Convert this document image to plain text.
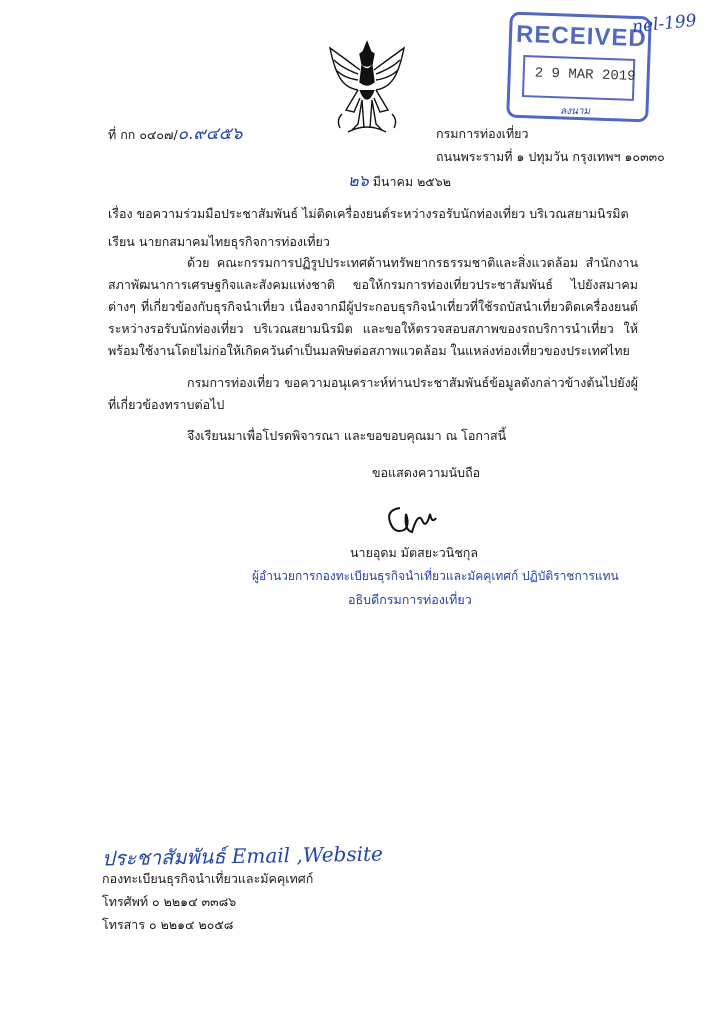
RECEIVED
2 9 MAR 2019
nel-199
ลงนาม
ที่ กก ๐๔๐๗/๐.๙๔๕๖	กรมการท่องเที่ยว
ถนนพระรามที่ ๑ ปทุมวัน กรุงเทพฯ ๑๐๓๓๐
๒๖ มีนาคม ๒๕๖๒
เรื่อง ขอความร่วมมือประชาสัมพันธ์ ไม่ติดเครื่องยนต์ระหว่างรอรับนักท่องเที่ยว บริเวณสยามนิรมิต
เรียน นายกสมาคมไทยธุรกิจการท่องเที่ยว
ด้วย คณะกรรมการปฏิรูปประเทศด้านทรัพยากรธรรมชาติและสิ่งแวดล้อม สำนักงานสภาพัฒนาการเศรษฐกิจและสังคมแห่งชาติ ขอให้กรมการท่องเที่ยวประชาสัมพันธ์ ไปยังสมาคมต่างๆ ที่เกี่ยวข้องกับธุรกิจนำเที่ยว เนื่องจากมีผู้ประกอบธุรกิจนำเที่ยวที่ใช้รถบัสนำเที่ยวติดเครื่องยนต์ระหว่างรอรับนักท่องเที่ยว บริเวณสยามนิรมิต และขอให้ตรวจสอบสภาพของรถบริการนำเที่ยว ให้พร้อมใช้งานโดยไม่ก่อให้เกิดควันดำเป็นมลพิษต่อสภาพแวดล้อม ในแหล่งท่องเที่ยวของประเทศไทย
กรมการท่องเที่ยว ขอความอนุเคราะห์ท่านประชาสัมพันธ์ข้อมูลดังกล่าวข้างต้นไปยังผู้ที่เกี่ยวข้องทราบต่อไป
จึงเรียนมาเพื่อโปรดพิจารณา และขอขอบคุณมา ณ โอกาสนี้
ขอแสดงความนับถือ
นายอุดม มัตสยะวนิชกุล
ผู้อำนวยการกองทะเบียนธุรกิจนำเที่ยวและมัคคุเทศก์ ปฏิบัติราชการแทน
อธิบดีกรมการท่องเที่ยว
ประชาสัมพันธ์ Email ,Website
กองทะเบียนธุรกิจนำเที่ยวและมัคคุเทศก์
โทรศัพท์ ๐ ๒๒๑๔ ๓๓๘๖
โทรสาร ๐ ๒๒๑๔ ๒๐๕๘
